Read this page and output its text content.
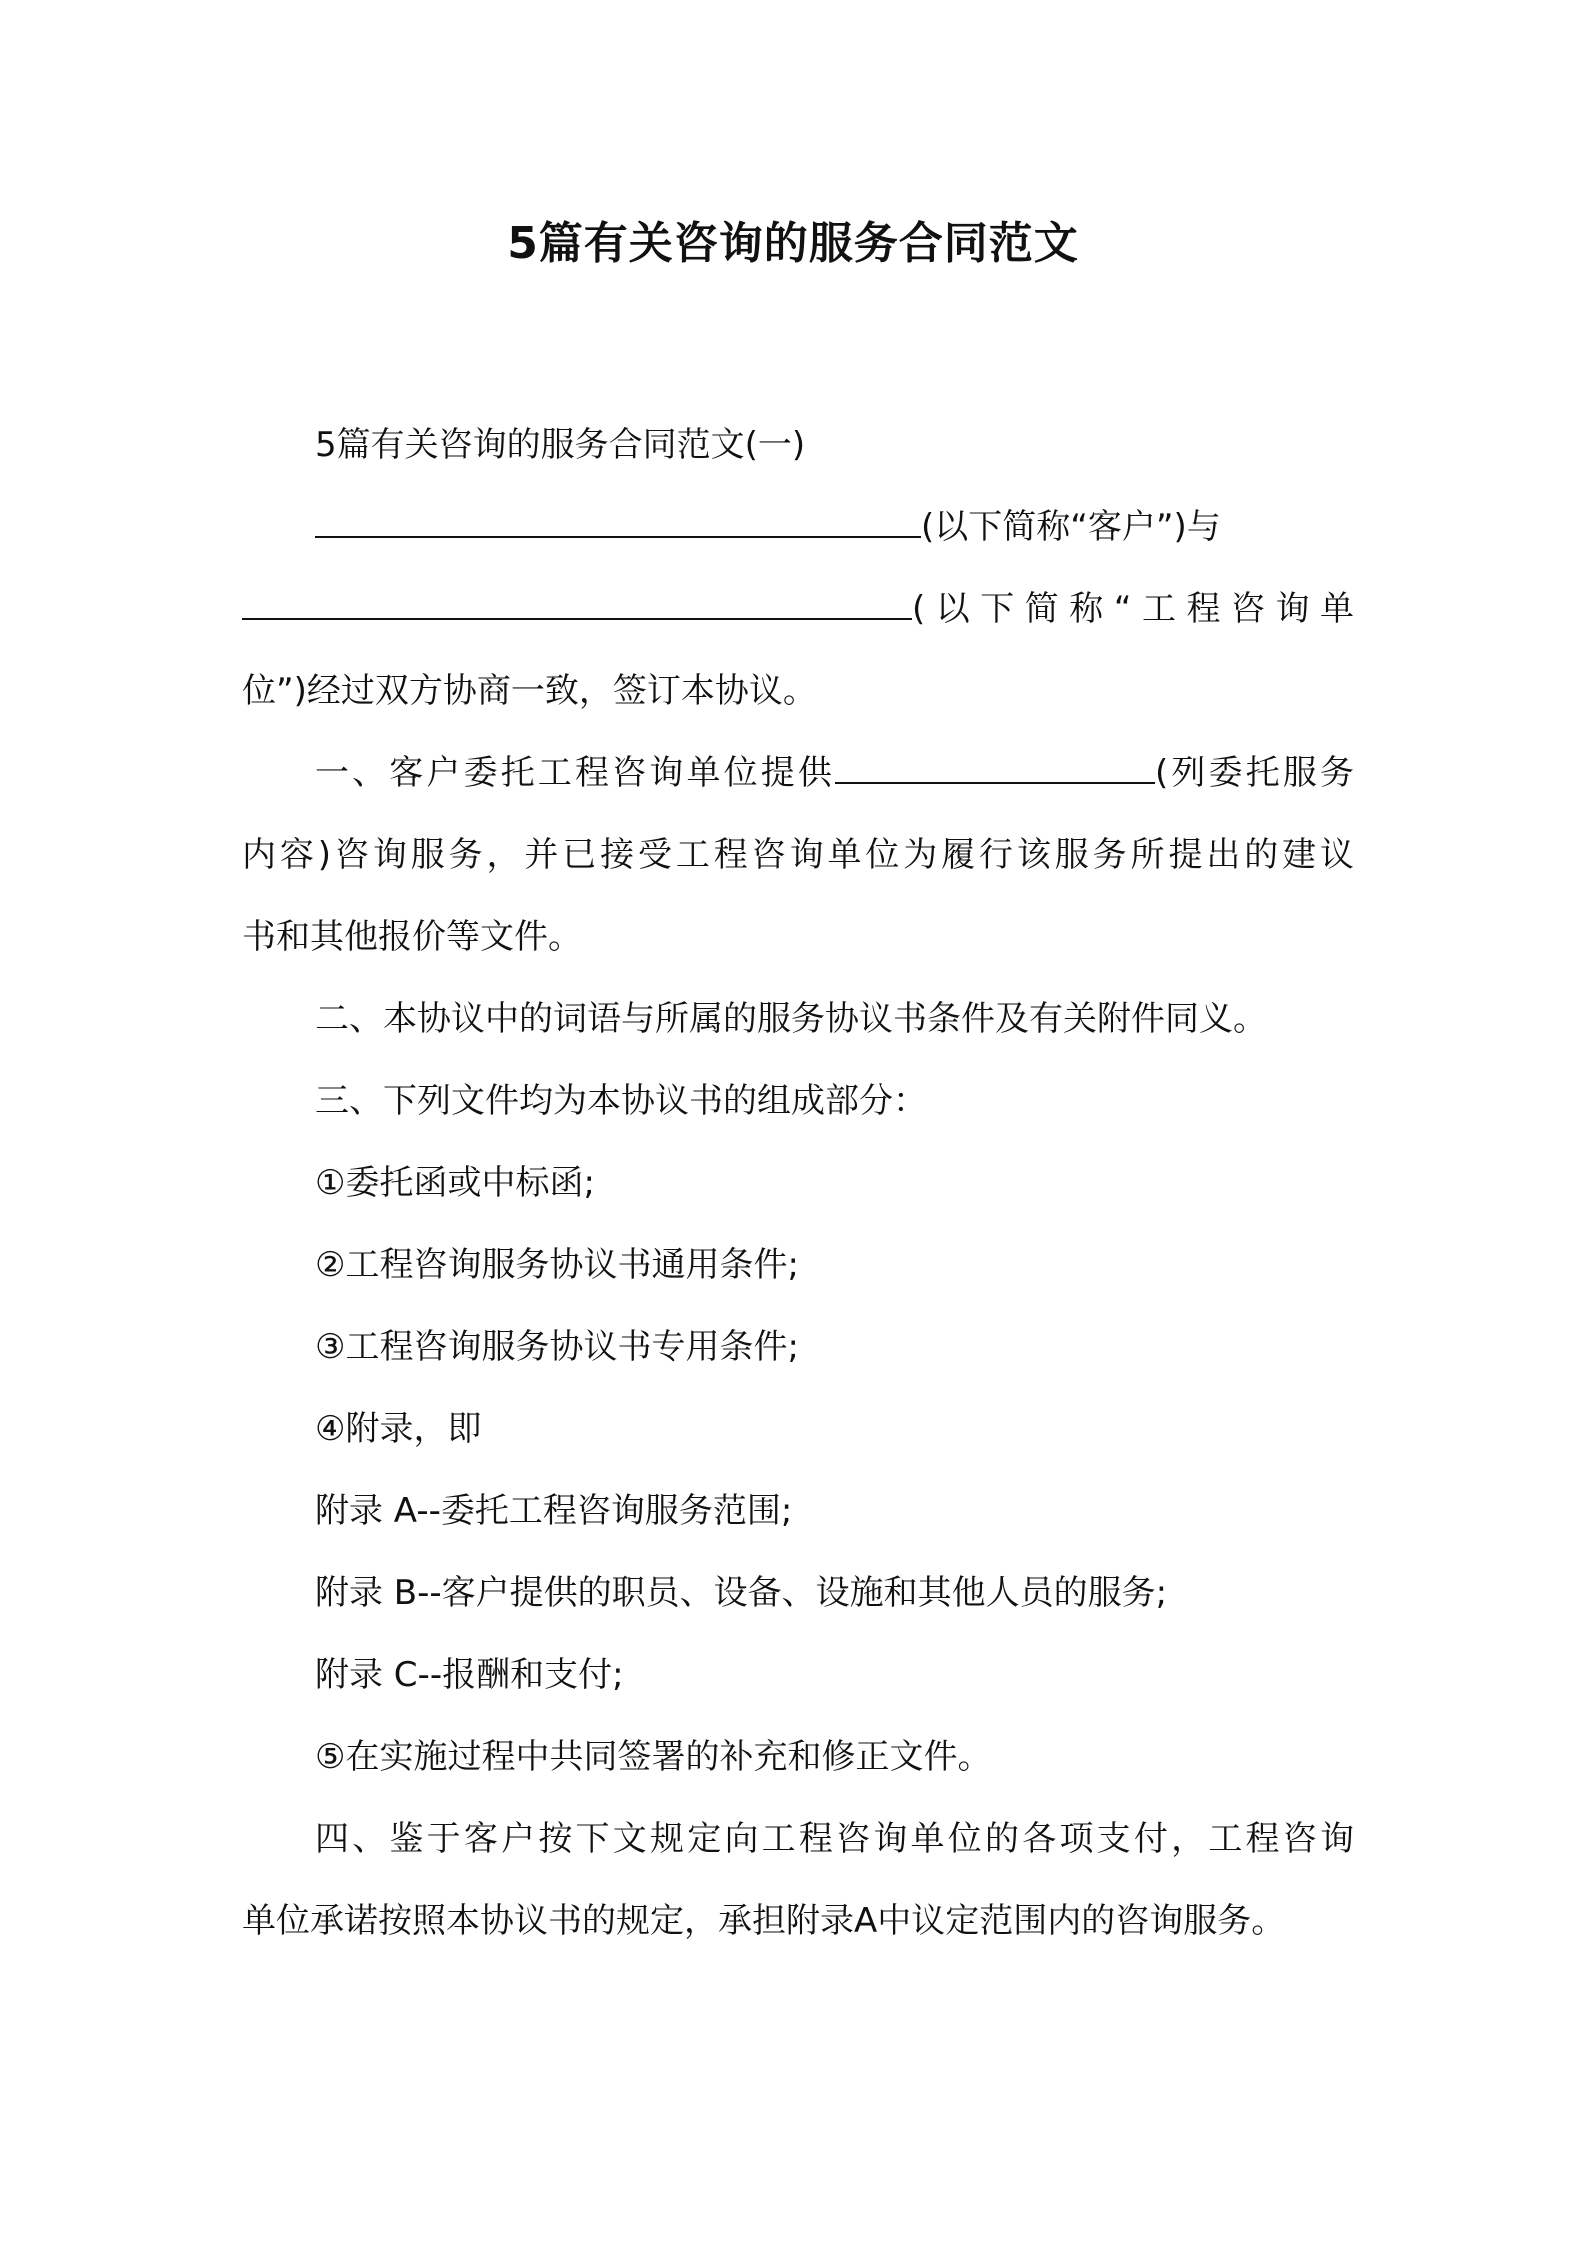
5篇有关咨询的服务合同范文

5篇有关咨询的服务合同范文(一)

(以下简称“客户”)与

(以下简称“工程咨询单

位”)经过双方协商一致，签订本协议。

一、客户委托工程咨询单位提供	(列委托服务

内容)咨询服务，并已接受工程咨询单位为履行该服务所提出的建议

书和其他报价等文件。

二、本协议中的词语与所属的服务协议书条件及有关附件同义。

三、下列文件均为本协议书的组成部分：

①委托函或中标函;

②工程咨询服务协议书通用条件;

③工程咨询服务协议书专用条件;

④附录，即

附录 A--委托工程咨询服务范围;

附录 B--客户提供的职员、设备、设施和其他人员的服务;

附录 C--报酬和支付;

⑤在实施过程中共同签署的补充和修正文件。

四、鉴于客户按下文规定向工程咨询单位的各项支付，工程咨询

单位承诺按照本协议书的规定，承担附录A中议定范围内的咨询服务。
